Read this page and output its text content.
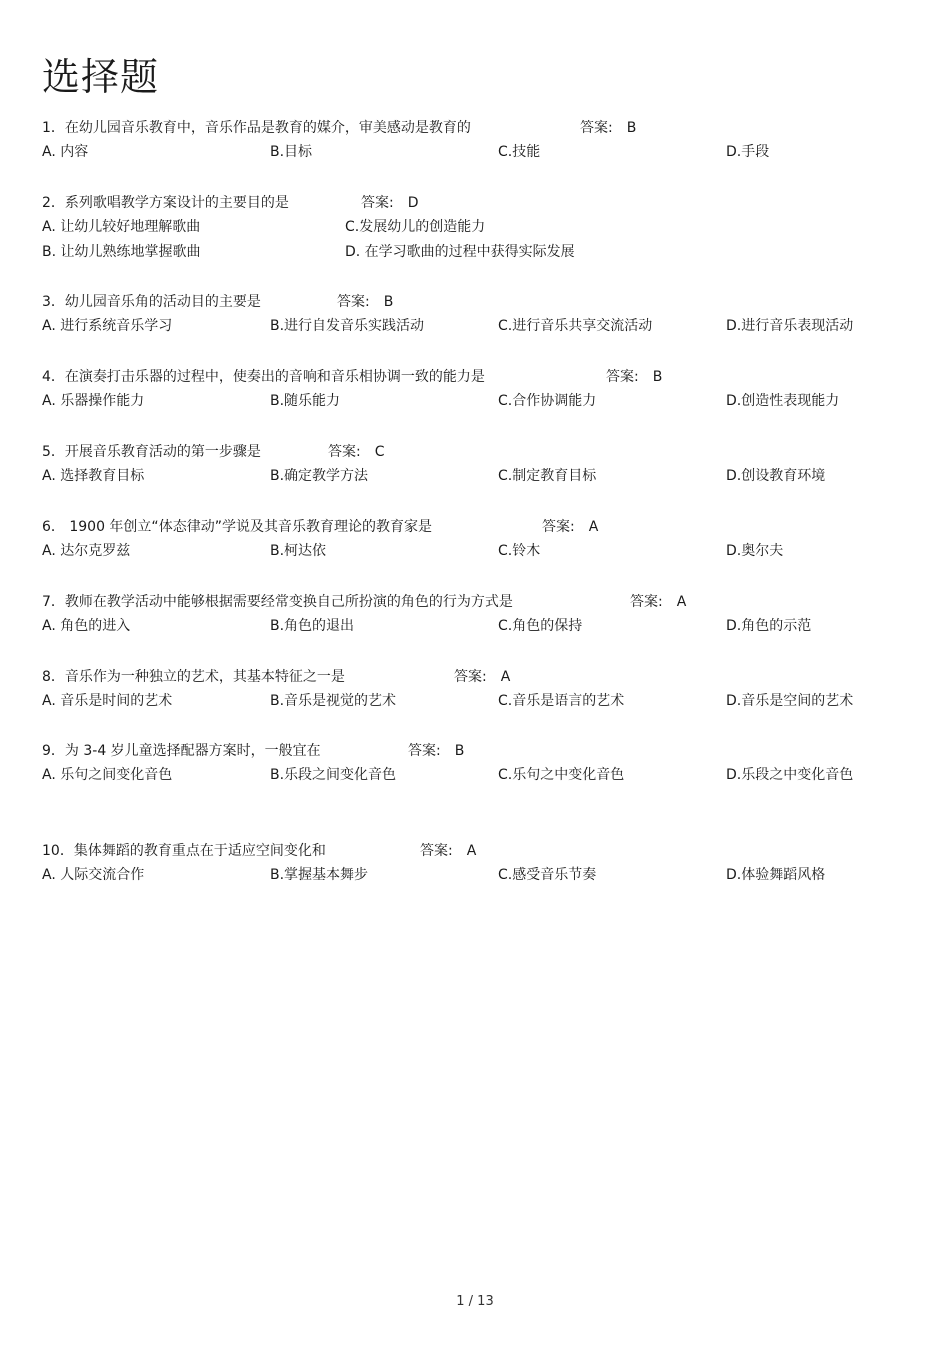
选择题
1．在幼儿园音乐教育中，音乐作品是教育的媒介，审美感动是教育的	答案: B
A. 内容	B.目标	C.技能	D.手段
2．系列歌唱教学方案设计的主要目的是	答案: D
A. 让幼儿较好地理解歌曲	C.发展幼儿的创造能力
B. 让幼儿熟练地掌握歌曲	D. 在学习歌曲的过程中获得实际发展
3．幼儿园音乐角的活动目的主要是	答案: B
A. 进行系统音乐学习	B.进行自发音乐实践活动	C.进行音乐共享交流活动	D.进行音乐表现活动
4．在演奏打击乐器的过程中，使奏出的音响和音乐相协调一致的能力是	答案: B
A. 乐器操作能力	B.随乐能力	C.合作协调能力	D.创造性表现能力
5．开展音乐教育活动的第一步骤是	答案: C
A. 选择教育目标	B.确定教学方法	C.制定教育目标	D.创设教育环境
6． 1900 年创立“体态律动”学说及其音乐教育理论的教育家是	答案: A
A. 达尔克罗兹	B.柯达依	C.铃木	D.奥尔夫
7．教师在教学活动中能够根据需要经常变换自己所扮演的角色的行为方式是	答案: A
A. 角色的进入	B.角色的退出	C.角色的保持	D.角色的示范
8．音乐作为一种独立的艺术，其基本特征之一是	答案: A
A. 音乐是时间的艺术	B.音乐是视觉的艺术	C.音乐是语言的艺术	D.音乐是空间的艺术
9．为 3-4 岁儿童选择配器方案时，一般宜在	答案: B
A. 乐句之间变化音色	B.乐段之间变化音色	C.乐句之中变化音色	D.乐段之中变化音色
10．集体舞蹈的教育重点在于适应空间变化和	答案: A
A. 人际交流合作	B.掌握基本舞步	C.感受音乐节奏	D.体验舞蹈风格
1 / 13
